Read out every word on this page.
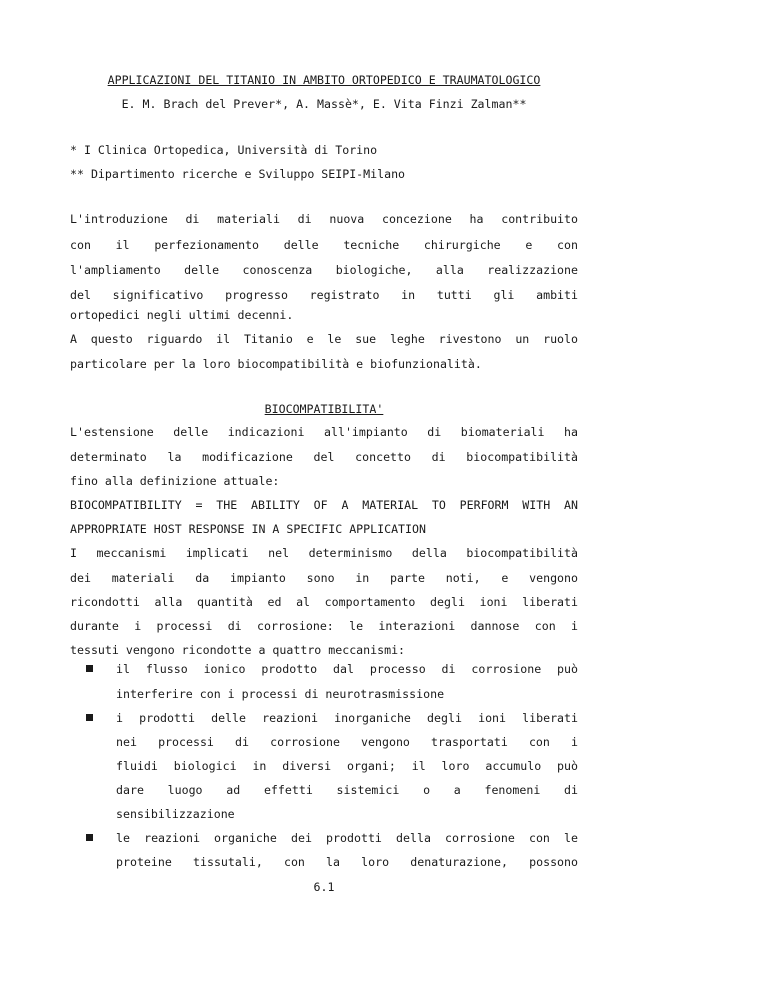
APPLICAZIONI DEL TITANIO IN AMBITO ORTOPEDICO E TRAUMATOLOGICO
E. M. Brach del Prever*, A. Massè*, E. Vita Finzi Zalman**
* I Clinica Ortopedica, Università di Torino
** Dipartimento ricerche e Sviluppo SEIPI-Milano
L'introduzione di materiali di nuova concezione ha contribuito
con il perfezionamento delle tecniche chirurgiche e con
l'ampliamento delle conoscenza biologiche, alla realizzazione
del significativo progresso registrato in tutti gli ambiti
ortopedici negli ultimi decenni.
A questo riguardo il Titanio e le sue leghe rivestono un ruolo
particolare per la loro biocompatibilità e biofunzionalità.
BIOCOMPATIBILITA'
L'estensione delle indicazioni all'impianto di biomateriali ha
determinato la modificazione del concetto di biocompatibilità
fino alla definizione attuale:
BIOCOMPATIBILITY = THE ABILITY OF A MATERIAL TO PERFORM WITH AN
APPROPRIATE HOST RESPONSE IN A SPECIFIC APPLICATION
I meccanismi implicati nel determinismo della biocompatibilità
dei materiali da impianto sono in parte noti, e vengono
ricondotti alla quantità ed al comportamento degli ioni liberati
durante i processi di corrosione: le interazioni dannose con i
tessuti vengono ricondotte a quattro meccanismi:
il flusso ionico prodotto dal processo di corrosione può
interferire con i processi di neurotrasmissione
i prodotti delle reazioni inorganiche degli ioni liberati
nei processi di corrosione vengono trasportati con i
fluidi biologici in diversi organi; il loro accumulo può
dare luogo ad effetti sistemici o a fenomeni di
sensibilizzazione
le reazioni organiche dei prodotti della corrosione con le
proteine tissutali, con la loro denaturazione, possono
6.1
